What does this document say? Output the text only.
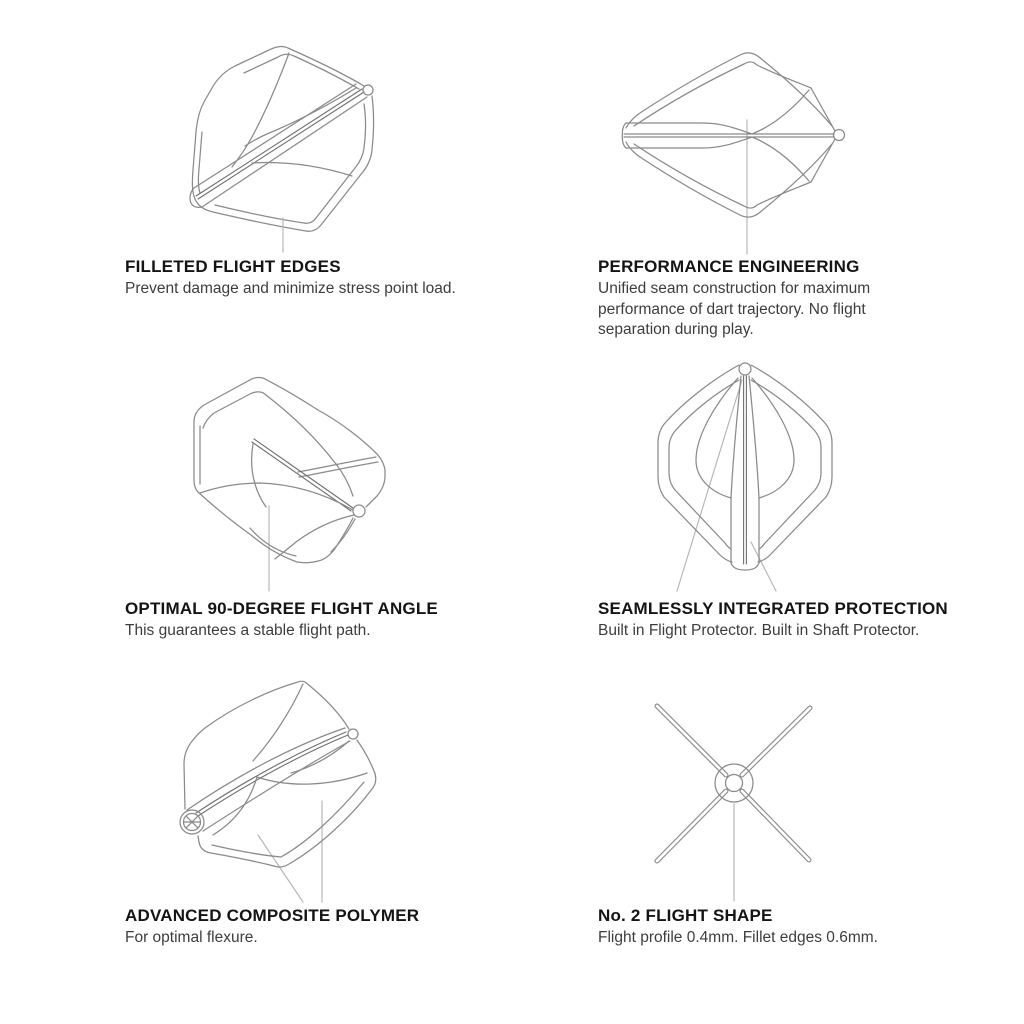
FILLETED FLIGHT EDGES

Prevent damage and minimize stress point load.

PERFORMANCE ENGINEERING

Unified seam construction for maximum performance of dart trajectory. No flight separation during play.

OPTIMAL 90-DEGREE FLIGHT ANGLE

This guarantees a stable flight path.

SEAMLESSLY INTEGRATED PROTECTION

Built in Flight Protector. Built in Shaft Protector.

ADVANCED COMPOSITE POLYMER

For optimal flexure.

No. 2 FLIGHT SHAPE

Flight profile 0.4mm. Fillet edges 0.6mm.
